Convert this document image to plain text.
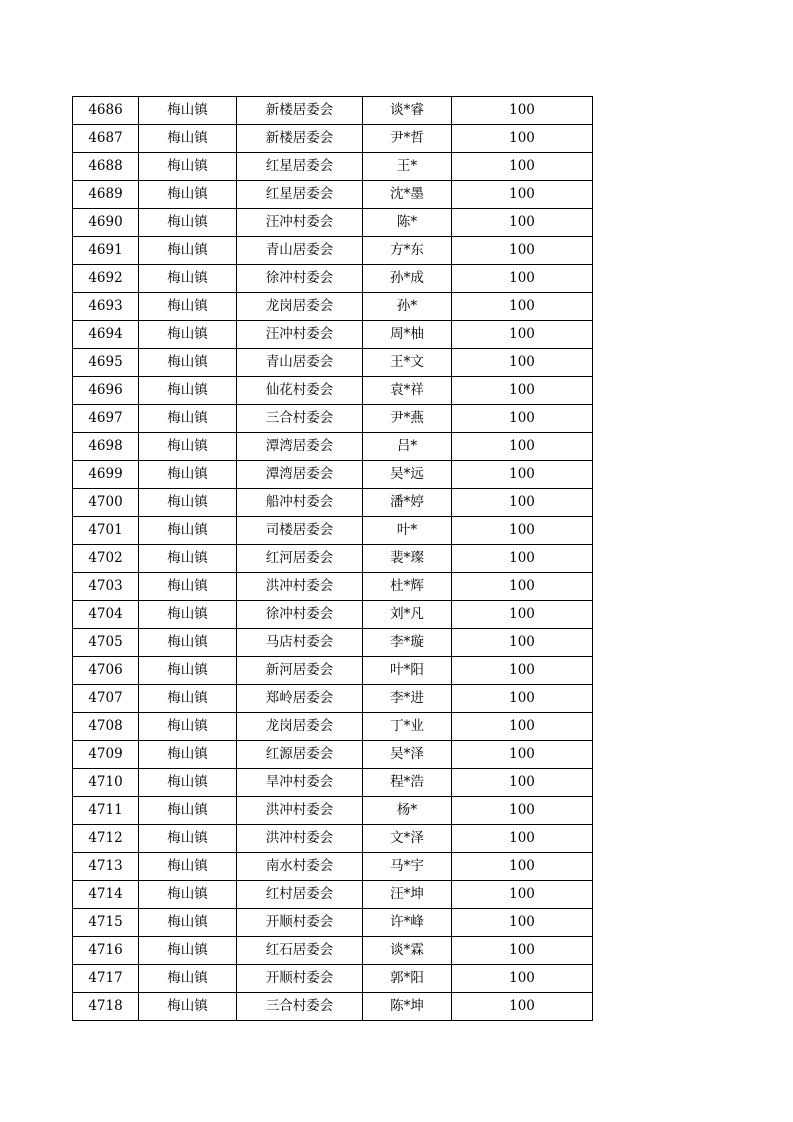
4686	梅山镇	新楼居委会	谈*睿	100
4687	梅山镇	新楼居委会	尹*哲	100
4688	梅山镇	红星居委会	王*	100
4689	梅山镇	红星居委会	沈*墨	100
4690	梅山镇	汪冲村委会	陈*	100
4691	梅山镇	青山居委会	方*东	100
4692	梅山镇	徐冲村委会	孙*成	100
4693	梅山镇	龙岗居委会	孙*	100
4694	梅山镇	汪冲村委会	周*柚	100
4695	梅山镇	青山居委会	王*文	100
4696	梅山镇	仙花村委会	袁*祥	100
4697	梅山镇	三合村委会	尹*燕	100
4698	梅山镇	潭湾居委会	吕*	100
4699	梅山镇	潭湾居委会	吴*远	100
4700	梅山镇	船冲村委会	潘*婷	100
4701	梅山镇	司楼居委会	叶*	100
4702	梅山镇	红河居委会	裴*璨	100
4703	梅山镇	洪冲村委会	杜*辉	100
4704	梅山镇	徐冲村委会	刘*凡	100
4705	梅山镇	马店村委会	李*璇	100
4706	梅山镇	新河居委会	叶*阳	100
4707	梅山镇	郑岭居委会	李*进	100
4708	梅山镇	龙岗居委会	丁*业	100
4709	梅山镇	红源居委会	吴*泽	100
4710	梅山镇	旱冲村委会	程*浩	100
4711	梅山镇	洪冲村委会	杨*	100
4712	梅山镇	洪冲村委会	文*泽	100
4713	梅山镇	南水村委会	马*宇	100
4714	梅山镇	红村居委会	汪*坤	100
4715	梅山镇	开顺村委会	许*峰	100
4716	梅山镇	红石居委会	谈*霖	100
4717	梅山镇	开顺村委会	郭*阳	100
4718	梅山镇	三合村委会	陈*坤	100
